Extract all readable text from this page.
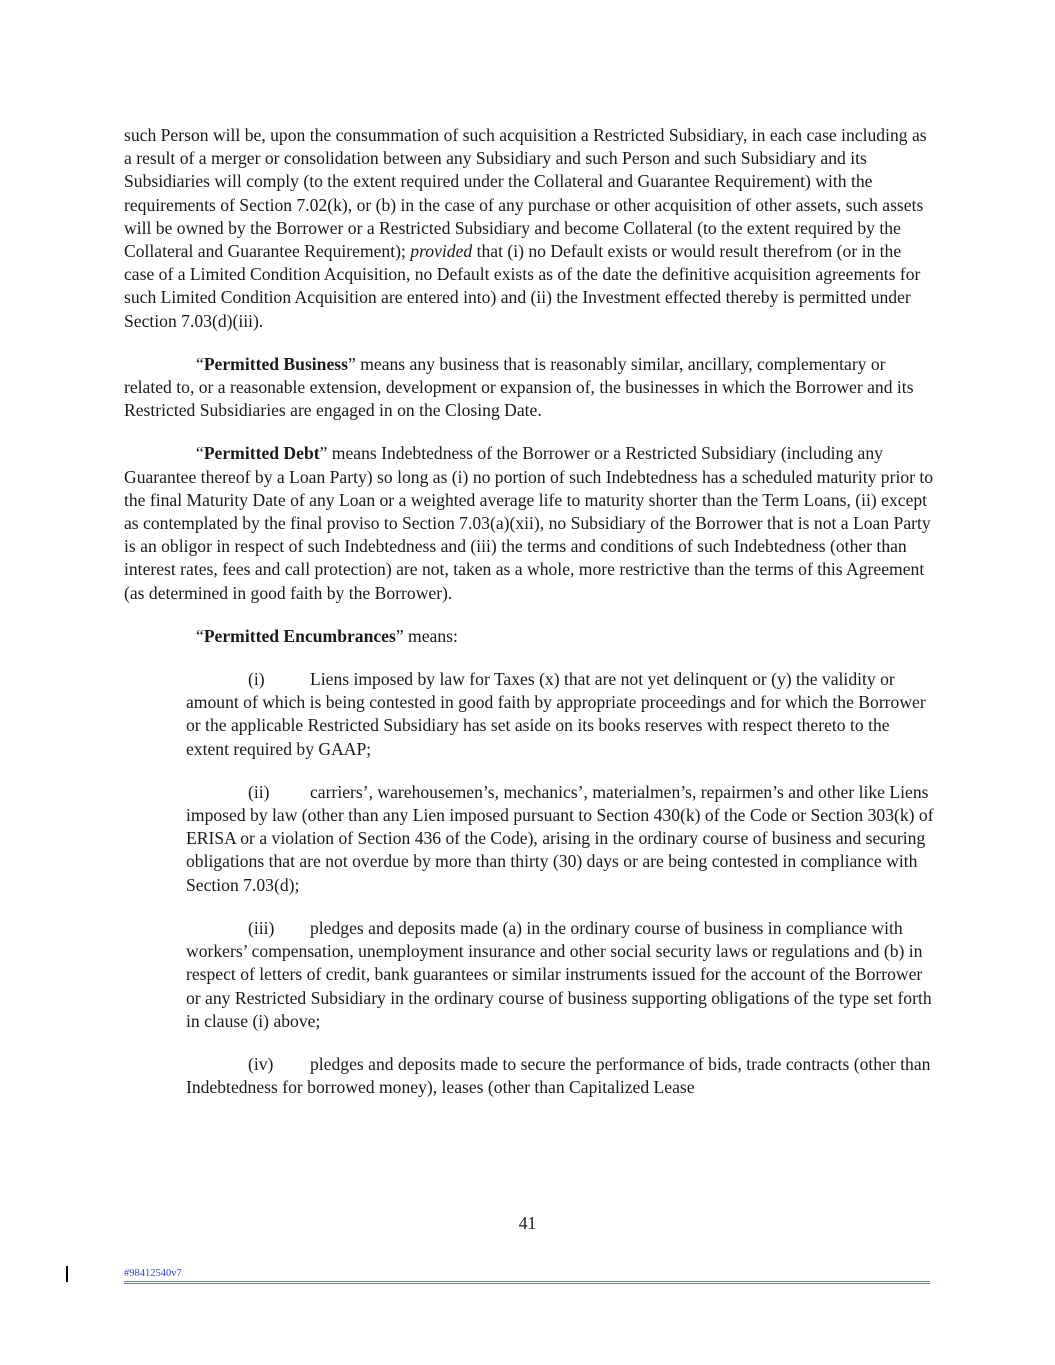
such Person will be, upon the consummation of such acquisition a Restricted Subsidiary, in each case including as a result of a merger or consolidation between any Subsidiary and such Person and such Subsidiary and its Subsidiaries will comply (to the extent required under the Collateral and Guarantee Requirement) with the requirements of Section 7.02(k), or (b) in the case of any purchase or other acquisition of other assets, such assets will be owned by the Borrower or a Restricted Subsidiary and become Collateral (to the extent required by the Collateral and Guarantee Requirement); provided that (i) no Default exists or would result therefrom (or in the case of a Limited Condition Acquisition, no Default exists as of the date the definitive acquisition agreements for such Limited Condition Acquisition are entered into) and (ii) the Investment effected thereby is permitted under Section 7.03(d)(iii).

“Permitted Business” means any business that is reasonably similar, ancillary, complementary or related to, or a reasonable extension, development or expansion of, the businesses in which the Borrower and its Restricted Subsidiaries are engaged in on the Closing Date.

“Permitted Debt” means Indebtedness of the Borrower or a Restricted Subsidiary (including any Guarantee thereof by a Loan Party) so long as (i) no portion of such Indebtedness has a scheduled maturity prior to the final Maturity Date of any Loan or a weighted average life to maturity shorter than the Term Loans, (ii) except as contemplated by the final proviso to Section 7.03(a)(xii), no Subsidiary of the Borrower that is not a Loan Party is an obligor in respect of such Indebtedness and (iii) the terms and conditions of such Indebtedness (other than interest rates, fees and call protection) are not, taken as a whole, more restrictive than the terms of this Agreement (as determined in good faith by the Borrower).

“Permitted Encumbrances” means:

(i)	Liens imposed by law for Taxes (x) that are not yet delinquent or (y) the validity or amount of which is being contested in good faith by appropriate proceedings and for which the Borrower or the applicable Restricted Subsidiary has set aside on its books reserves with respect thereto to the extent required by GAAP;

(ii) carriers’, warehousemen’s, mechanics’, materialmen’s, repairmen’s and other like Liens imposed by law (other than any Lien imposed pursuant to Section 430(k) of the Code or Section 303(k) of ERISA or a violation of Section 436 of the Code), arising in the ordinary course of business and securing obligations that are not overdue by more than thirty (30) days or are being contested in compliance with Section 7.03(d);

(iii) pledges and deposits made (a) in the ordinary course of business in compliance with workers’ compensation, unemployment insurance and other social security laws or regulations and (b) in respect of letters of credit, bank guarantees or similar instruments issued for the account of the Borrower or any Restricted Subsidiary in the ordinary course of business supporting obligations of the type set forth in clause (i) above;

(iv) pledges and deposits made to secure the performance of bids, trade contracts (other than Indebtedness for borrowed money), leases (other than Capitalized Lease

41
#98412540v7
